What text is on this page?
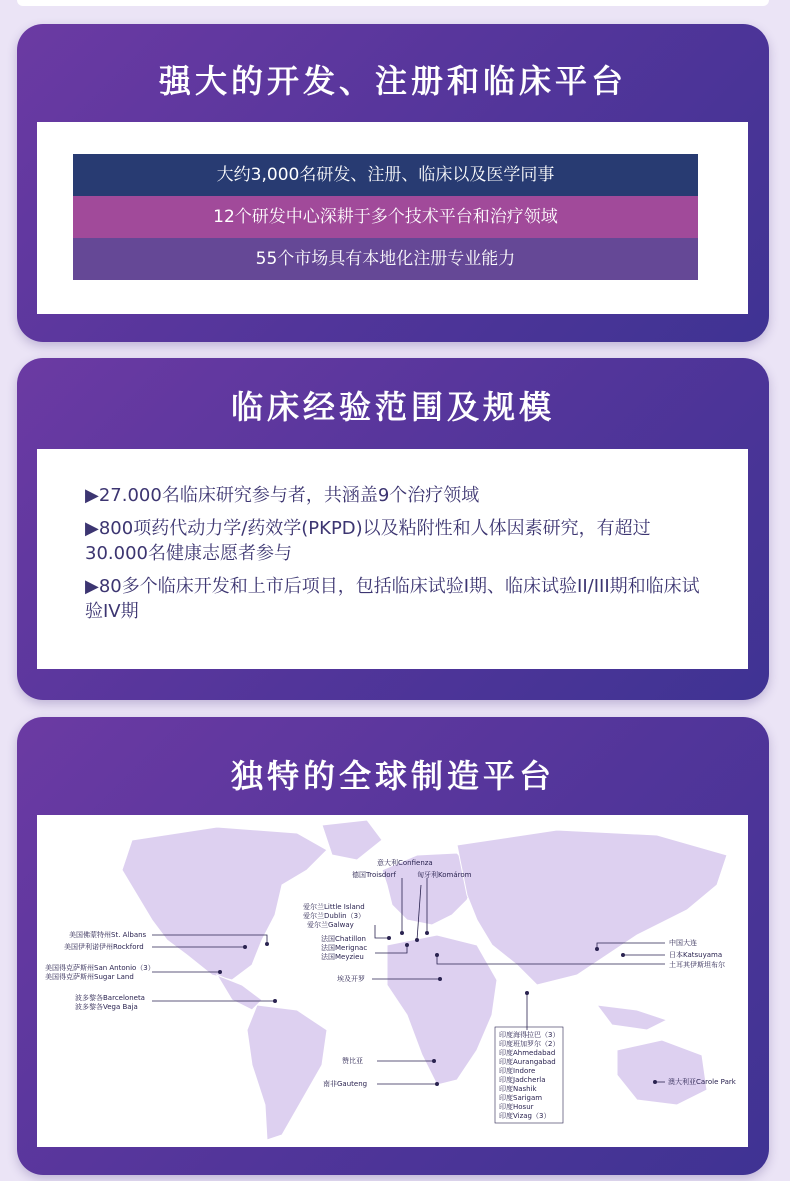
强大的开发、注册和临床平台
大约3,000名研发、注册、临床以及医学同事
12个研发中心深耕于多个技术平台和治疗领域
55个市场具有本地化注册专业能力
临床经验范围及规模
▶27.000名临床研究参与者，共涵盖9个治疗领域
▶800项药代动力学/药效学(PKPD)以及粘附性和人体因素研究，有超过30.000名健康志愿者参与
▶80多个临床开发和上市后项目，包括临床试验I期、临床试验II/III期和临床试验IV期
独特的全球制造平台
美国佛蒙特州St. Albans
美国伊利诺伊州Rockford
美国得克萨斯州San Antonio（3）
美国得克萨斯州Sugar Land
波多黎各Barceloneta
波多黎各Vega Baja
爱尔兰Little Island
爱尔兰Dublin（3）
爱尔兰Galway
法国Chatillon
法国Merignac
法国Meyzieu
德国Troisdorf
意大利Confienza
匈牙利Komárom
埃及开罗
中国大连
日本Katsuyama
土耳其伊斯坦布尔
赞比亚
南非Gauteng
印度海得拉巴（3）
印度班加罗尔（2）
印度Ahmedabad
印度Aurangabad
印度Indore
印度Jadcherla
印度Nashik
印度Sarigam
印度Hosur
印度Vizag（3）
澳大利亚Carole Park
